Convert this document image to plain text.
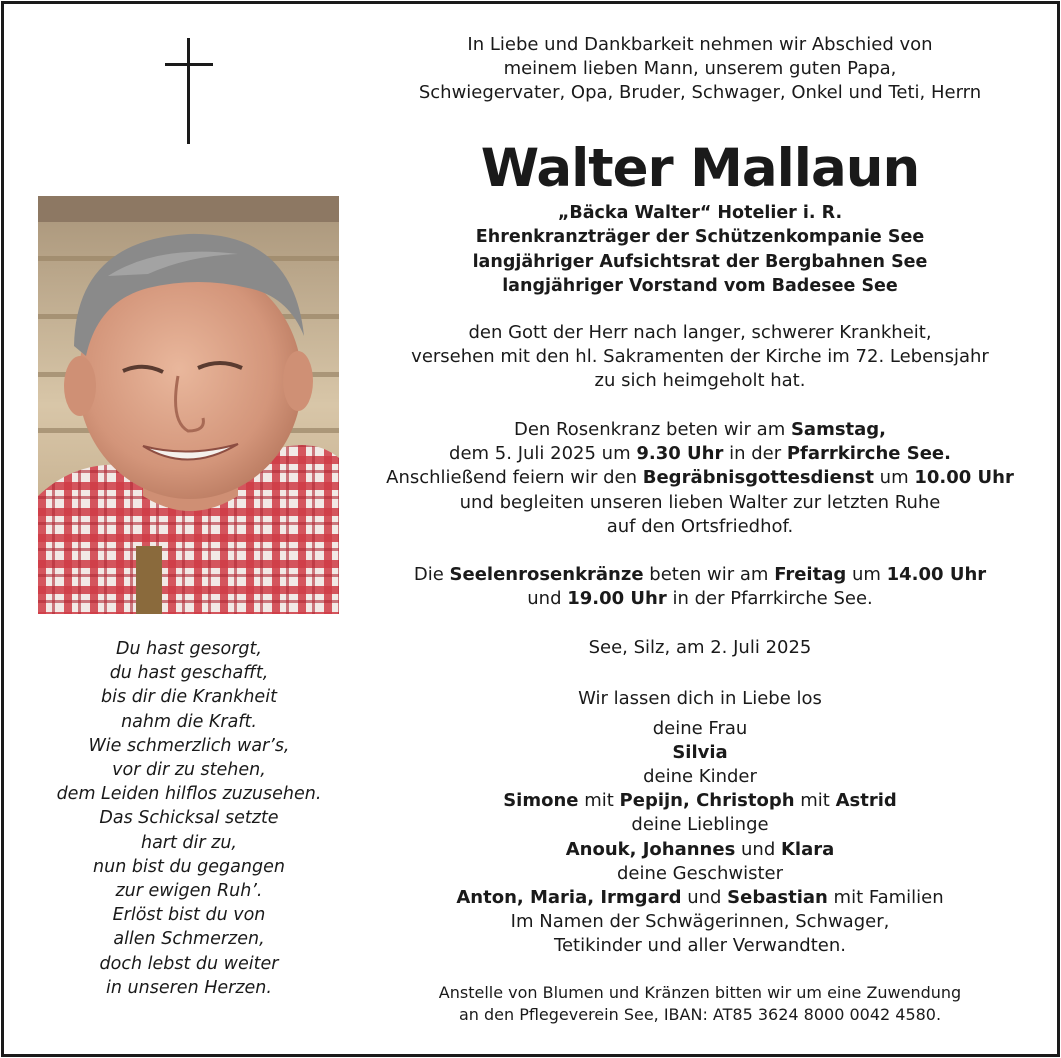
Du hast gesorgt,
du hast geschafft,
bis dir die Krankheit
nahm die Kraft.
Wie schmerzlich war’s,
vor dir zu stehen,
dem Leiden hilflos zuzusehen.
Das Schicksal setzte
hart dir zu,
nun bist du gegangen
zur ewigen Ruh’.
Erlöst bist du von
allen Schmerzen,
doch lebst du weiter
in unseren Herzen.
In Liebe und Dankbarkeit nehmen wir Abschied von
meinem lieben Mann, unserem guten Papa,
Schwiegervater, Opa, Bruder, Schwager, Onkel und Teti, Herrn
Walter Mallaun
„Bäcka Walter“ Hotelier i. R.
Ehrenkranzträger der Schützenkompanie See
langjähriger Aufsichtsrat der Bergbahnen See
langjähriger Vorstand vom Badesee See
den Gott der Herr nach langer, schwerer Krankheit,
versehen mit den hl. Sakramenten der Kirche im 72. Lebensjahr
zu sich heimgeholt hat.
Den Rosenkranz beten wir am Samstag,
dem 5. Juli 2025 um 9.30 Uhr in der Pfarrkirche See.
Anschließend feiern wir den Begräbnisgottesdienst um 10.00 Uhr
und begleiten unseren lieben Walter zur letzten Ruhe
auf den Ortsfriedhof.
Die Seelenrosenkränze beten wir am Freitag um 14.00 Uhr
und 19.00 Uhr in der Pfarrkirche See.
See, Silz, am 2. Juli 2025
Wir lassen dich in Liebe los
deine Frau
Silvia
deine Kinder
Simone mit Pepijn, Christoph mit Astrid
deine Lieblinge
Anouk, Johannes und Klara
deine Geschwister
Anton, Maria, Irmgard und Sebastian mit Familien
Im Namen der Schwägerinnen, Schwager,
Tetikinder und aller Verwandten.
Anstelle von Blumen und Kränzen bitten wir um eine Zuwendung
an den Pflegeverein See, IBAN: AT85 3624 8000 0042 4580.
